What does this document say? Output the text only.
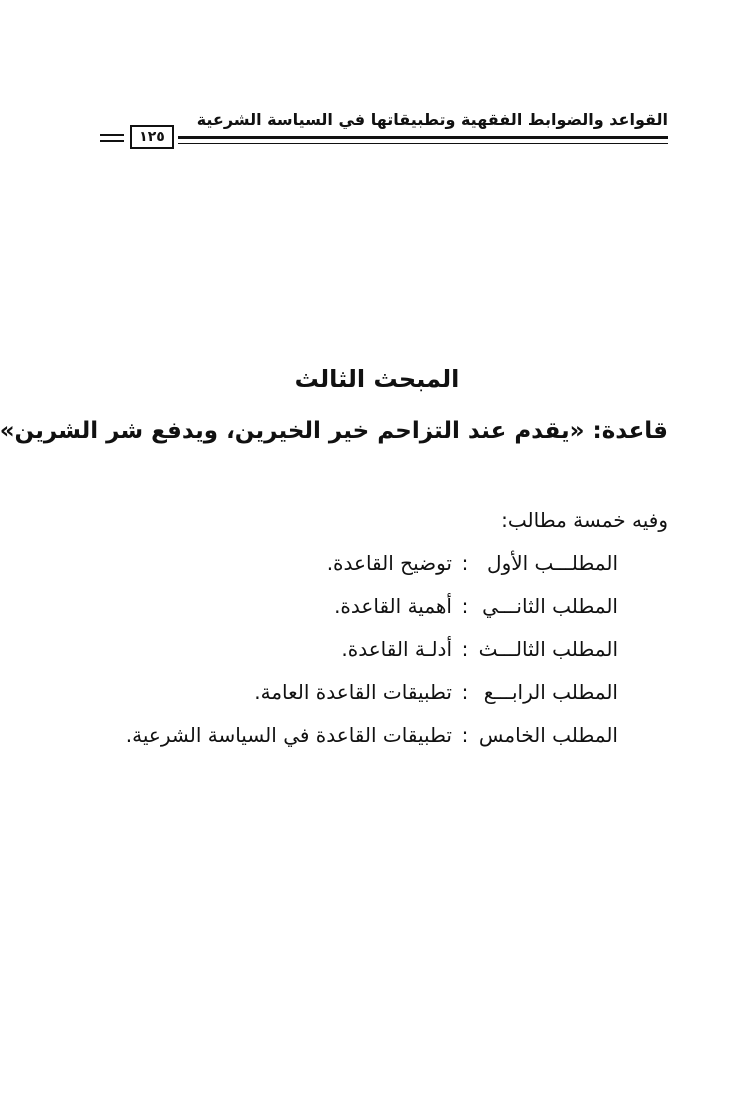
القواعد والضوابط الفقهية وتطبيقاتها في السياسة الشرعية
١٢٥
المبحث الثالث
قاعدة: «يقدم عند التزاحم خير الخيرين، ويدفع شر الشرين»
وفيه خمسة مطالب:
المطلـــب الأول
:
توضيح القاعدة.
المطلب الثانـــي
:
أهمية القاعدة.
المطلب الثالـــث
:
أدلـة القاعدة.
المطلب الرابـــع
:
تطبيقات القاعدة العامة.
المطلب الخامس
:
تطبيقات القاعدة في السياسة الشرعية.
